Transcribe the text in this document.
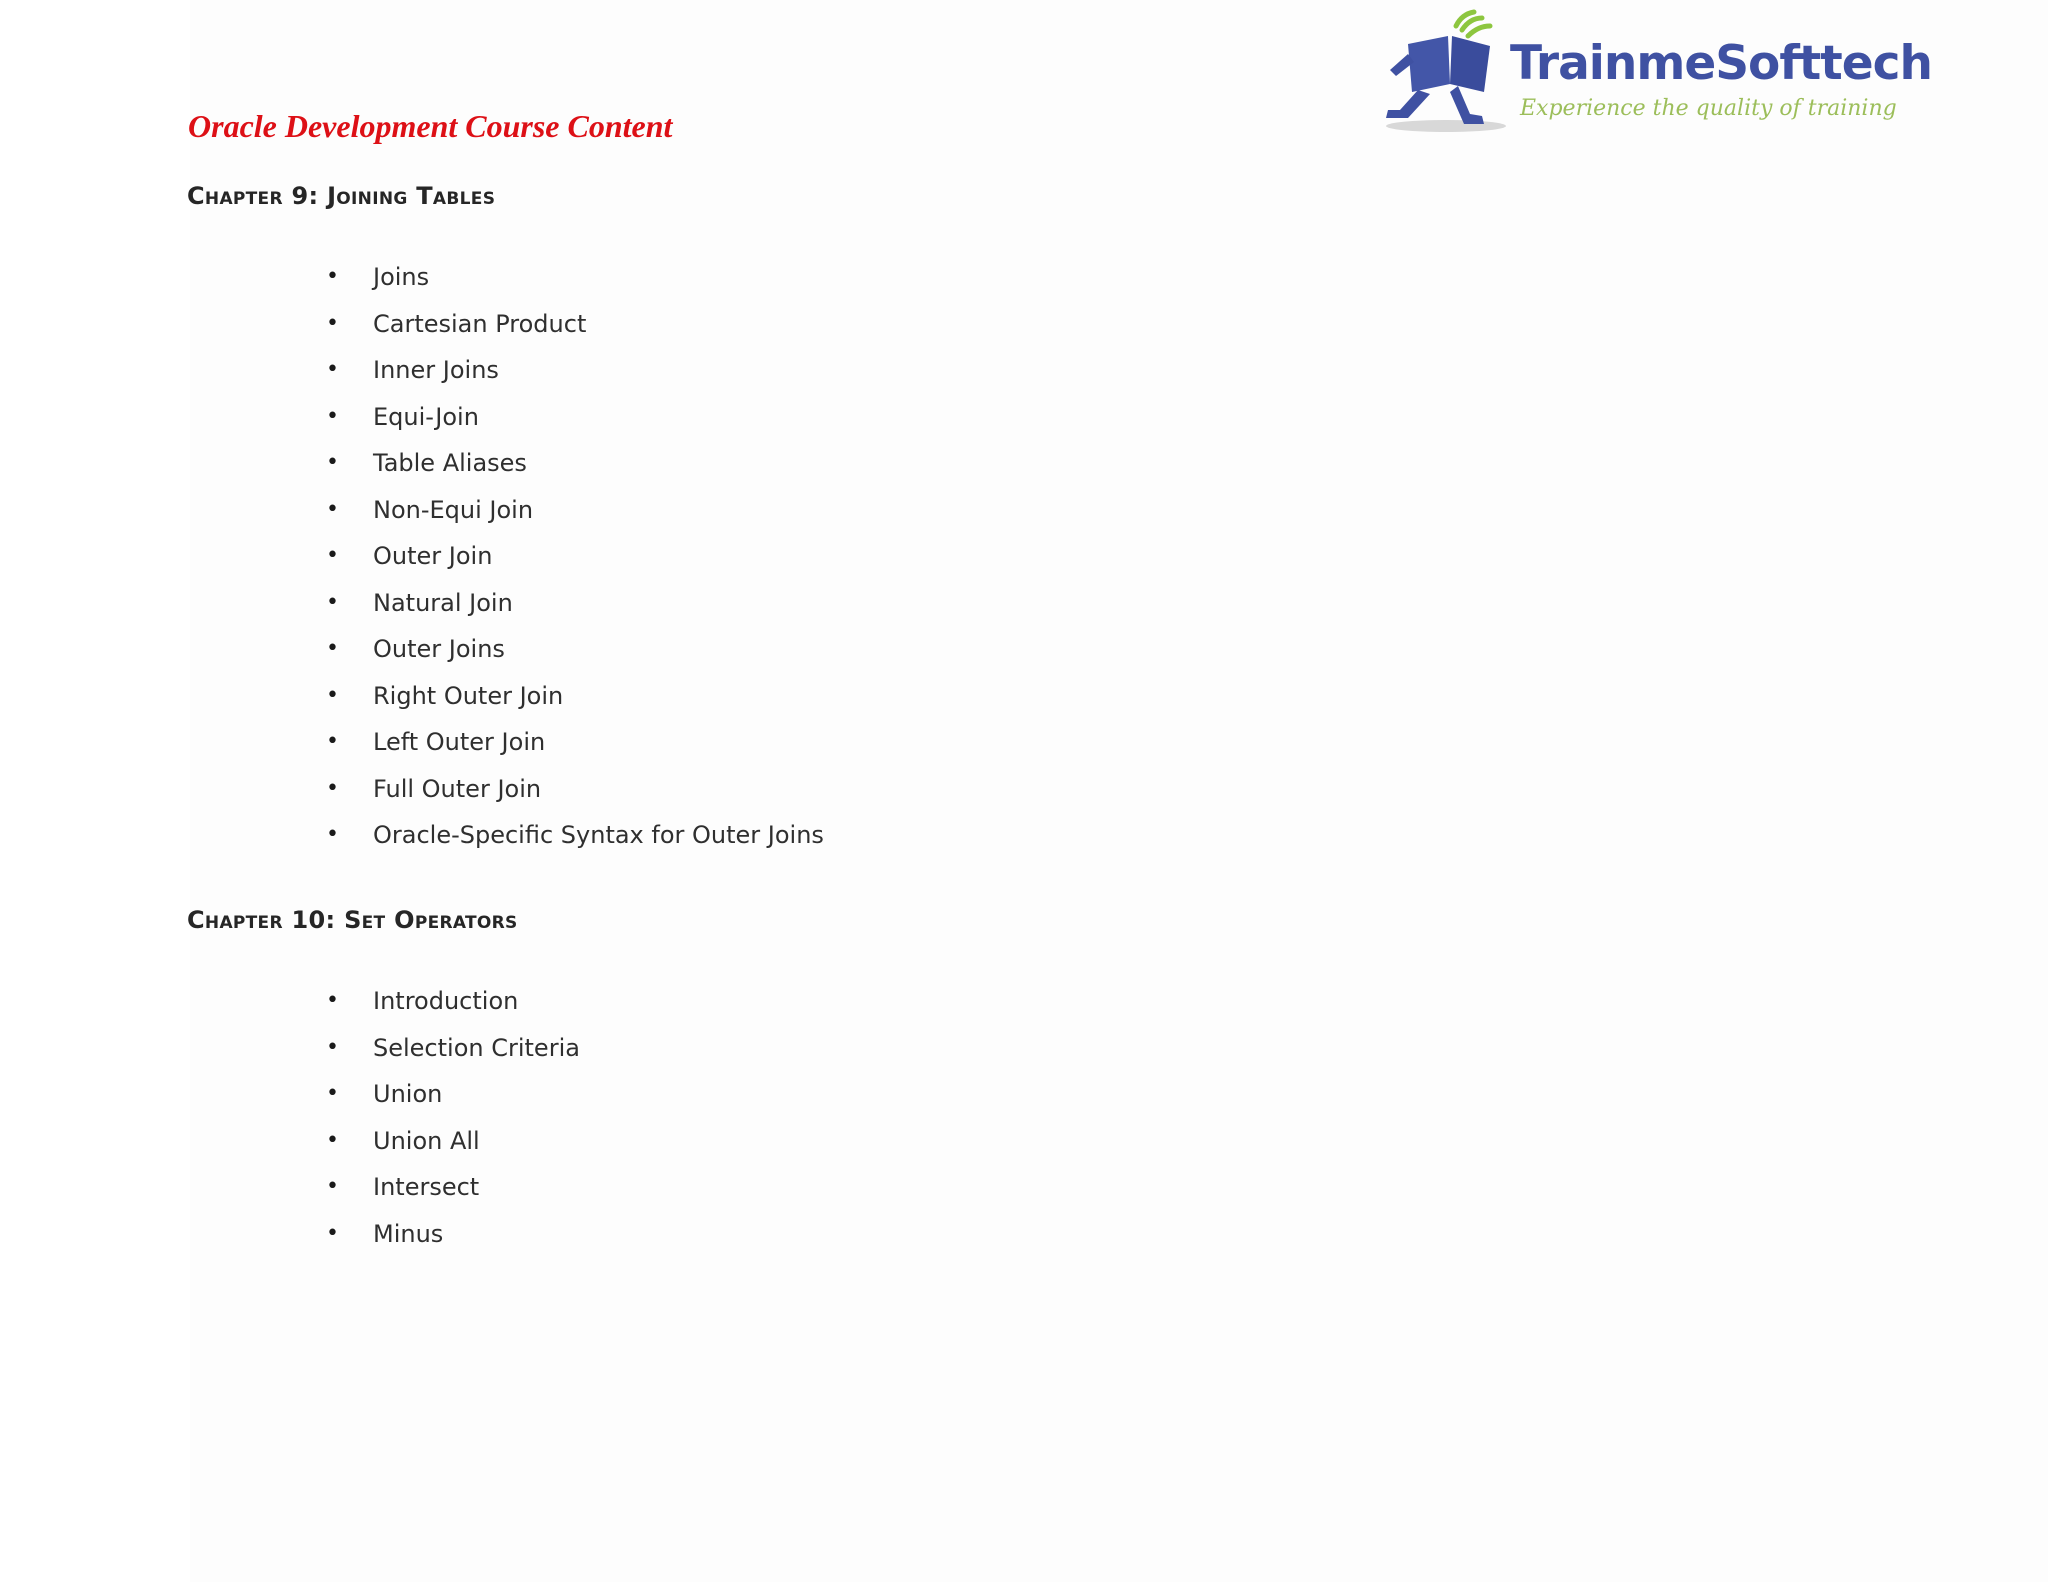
TrainmeSofttech
Experience the quality of training
Oracle Development Course Content
Chapter 9: Joining Tables
• Joins
• Cartesian Product
• Inner Joins
• Equi-Join
• Table Aliases
• Non-Equi Join
• Outer Join
• Natural Join
• Outer Joins
• Right Outer Join
• Left Outer Join
• Full Outer Join
• Oracle-Specific Syntax for Outer Joins
Chapter 10: Set Operators
• Introduction
• Selection Criteria
• Union
• Union All
• Intersect
• Minus
